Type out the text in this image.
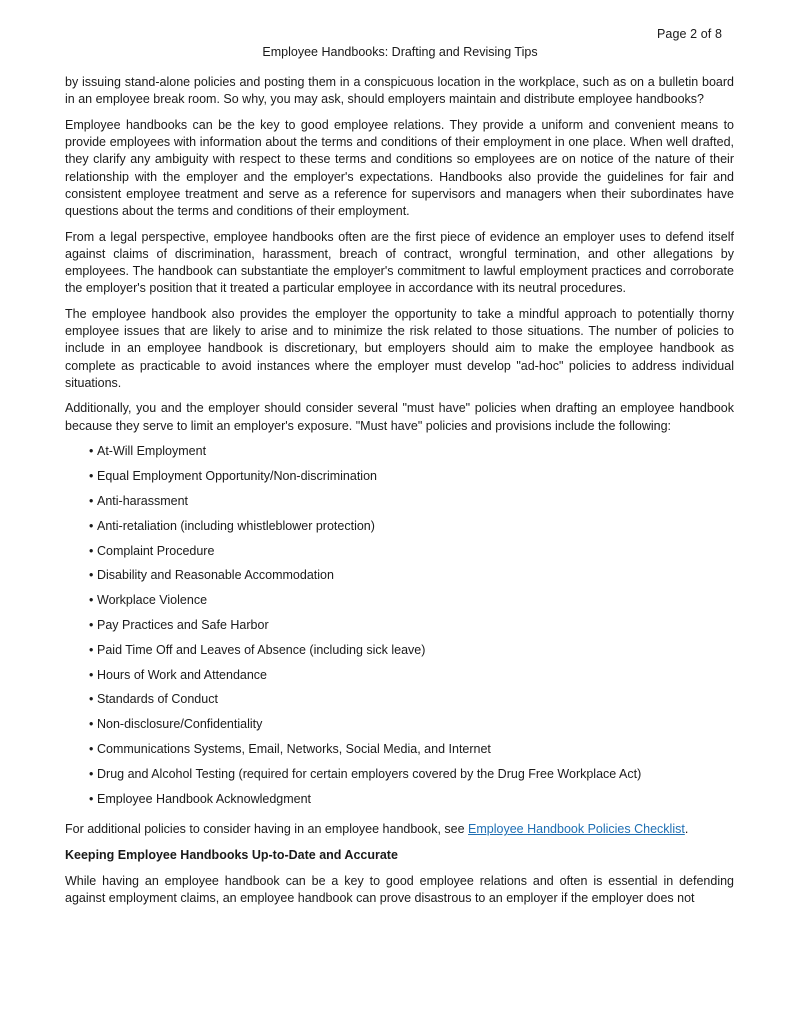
Page 2 of 8
Employee Handbooks: Drafting and Revising Tips

by issuing stand-alone policies and posting them in a conspicuous location in the workplace, such as on a bulletin board in an employee break room. So why, you may ask, should employers maintain and distribute employee handbooks?

Employee handbooks can be the key to good employee relations. They provide a uniform and convenient means to provide employees with information about the terms and conditions of their employment in one place. When well drafted, they clarify any ambiguity with respect to these terms and conditions so employees are on notice of the nature of their relationship with the employer and the employer's expectations. Handbooks also provide the guidelines for fair and consistent employee treatment and serve as a reference for supervisors and managers when their subordinates have questions about the terms and conditions of their employment.

From a legal perspective, employee handbooks often are the first piece of evidence an employer uses to defend itself against claims of discrimination, harassment, breach of contract, wrongful termination, and other allegations by employees. The handbook can substantiate the employer's commitment to lawful employment practices and corroborate the employer's position that it treated a particular employee in accordance with its neutral procedures.

The employee handbook also provides the employer the opportunity to take a mindful approach to potentially thorny employee issues that are likely to arise and to minimize the risk related to those situations. The number of policies to include in an employee handbook is discretionary, but employers should aim to make the employee handbook as complete as practicable to avoid instances where the employer must develop "ad-hoc" policies to address individual situations.

Additionally, you and the employer should consider several "must have" policies when drafting an employee handbook because they serve to limit an employer's exposure. "Must have" policies and provisions include the following:

• At-Will Employment
• Equal Employment Opportunity/Non-discrimination
• Anti-harassment
• Anti-retaliation (including whistleblower protection)
• Complaint Procedure
• Disability and Reasonable Accommodation
• Workplace Violence
• Pay Practices and Safe Harbor
• Paid Time Off and Leaves of Absence (including sick leave)
• Hours of Work and Attendance
• Standards of Conduct
• Non-disclosure/Confidentiality
• Communications Systems, Email, Networks, Social Media, and Internet
• Drug and Alcohol Testing (required for certain employers covered by the Drug Free Workplace Act)
• Employee Handbook Acknowledgment

For additional policies to consider having in an employee handbook, see Employee Handbook Policies Checklist.

Keeping Employee Handbooks Up-to-Date and Accurate

While having an employee handbook can be a key to good employee relations and often is essential in defending against employment claims, an employee handbook can prove disastrous to an employer if the employer does not
